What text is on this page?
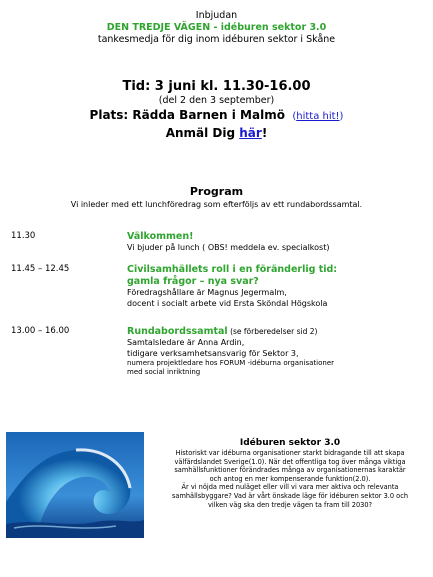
Inbjudan
DEN TREDJE VÄGEN - idéburen sektor 3.0
tankesmedja för dig inom idéburen sektor i Skåne
Tid: 3 juni kl. 11.30-16.00
(del 2 den 3 september)
Plats: Rädda Barnen i Malmö (hitta hit!)
Anmäl Dig här!
Program
Vi inleder med ett lunchföredrag som efterföljs av ett rundabordssamtal.
11.30	Välkommen!
Vi bjuder på lunch ( OBS! meddela ev. specialkost)
11.45 – 12.45	Civilsamhällets roll i en föränderlig tid:
gamla frågor – nya svar?
Föredragshållare är Magnus Jegermalm,
docent i socialt arbete vid Ersta Sköndal Högskola
13.00 – 16.00	Rundabordssamtal (se förberedelser sid 2)
Samtalsledare är Anna Ardin,
tidigare verksamhetsansvarig för Sektor 3,
numera projektledare hos FORUM -idéburna organisationer
med social inriktning
Idéburen sektor 3.0
Historiskt var idéburna organisationer starkt bidragande till att skapa
välfärdslandet Sverige(1.0). När det offentliga tog över många viktiga
samhällsfunktioner förändrades många av organisationernas karaktär
och antog en mer kompenserande funktion(2.0).
Är vi nöjda med nuläget eller vill vi vara mer aktiva och relevanta
samhällsbyggare? Vad är vårt önskade läge för idéburen sektor 3.0 och
vilken väg ska den tredje vägen ta fram till 2030?
